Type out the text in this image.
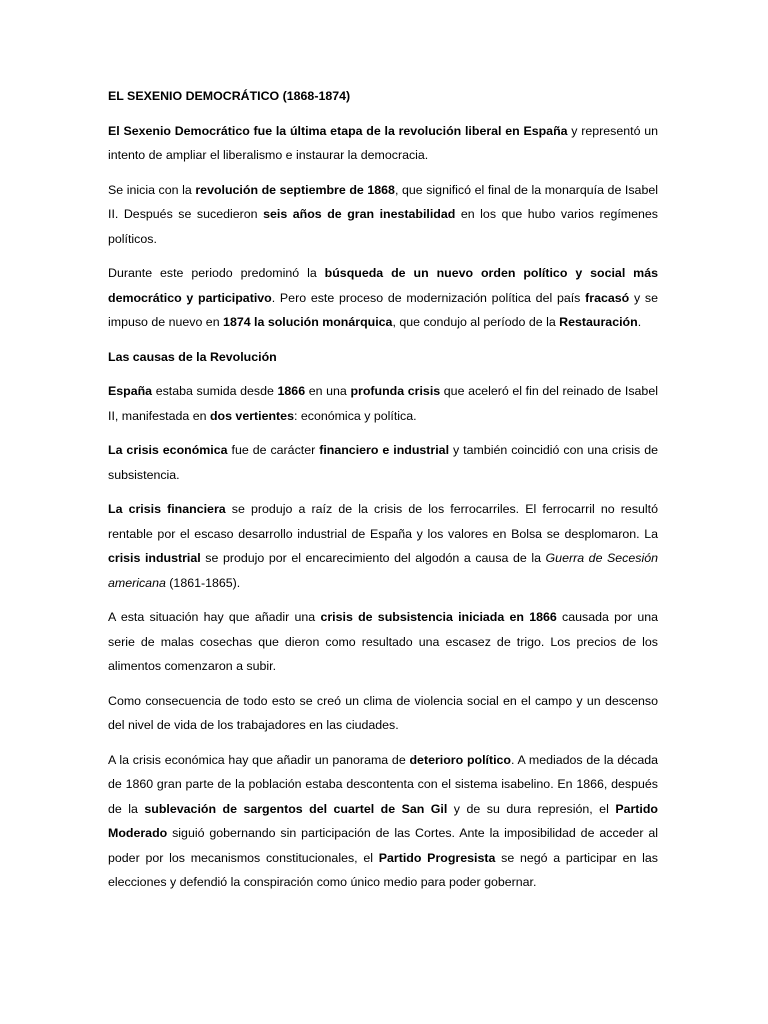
EL SEXENIO DEMOCRÁTICO (1868-1874)
El Sexenio Democrático fue la última etapa de la revolución liberal en España y representó un intento de ampliar el liberalismo e instaurar la democracia.
Se inicia con la revolución de septiembre de 1868, que significó el final de la monarquía de Isabel II. Después se sucedieron seis años de gran inestabilidad en los que hubo varios regímenes políticos.
Durante este periodo predominó la búsqueda de un nuevo orden político y social más democrático y participativo. Pero este proceso de modernización política del país fracasó y se impuso de nuevo en 1874 la solución monárquica, que condujo al período de la Restauración.
Las causas de la Revolución
España estaba sumida desde 1866 en una profunda crisis que aceleró el fin del reinado de Isabel II, manifestada en dos vertientes: económica y política.
La crisis económica fue de carácter financiero e industrial y también coincidió con una crisis de subsistencia.
La crisis financiera se produjo a raíz de la crisis de los ferrocarriles. El ferrocarril no resultó rentable por el escaso desarrollo industrial de España y los valores en Bolsa se desplomaron. La crisis industrial se produjo por el encarecimiento del algodón a causa de la Guerra de Secesión americana (1861-1865).
A esta situación hay que añadir una crisis de subsistencia iniciada en 1866 causada por una serie de malas cosechas que dieron como resultado una escasez de trigo. Los precios de los alimentos comenzaron a subir.
Como consecuencia de todo esto se creó un clima de violencia social en el campo y un descenso del nivel de vida de los trabajadores en las ciudades.
A la crisis económica hay que añadir un panorama de deterioro político. A mediados de la década de 1860 gran parte de la población estaba descontenta con el sistema isabelino. En 1866, después de la sublevación de sargentos del cuartel de San Gil y de su dura represión, el Partido Moderado siguió gobernando sin participación de las Cortes. Ante la imposibilidad de acceder al poder por los mecanismos constitucionales, el Partido Progresista se negó a participar en las elecciones y defendió la conspiración como único medio para poder gobernar.
